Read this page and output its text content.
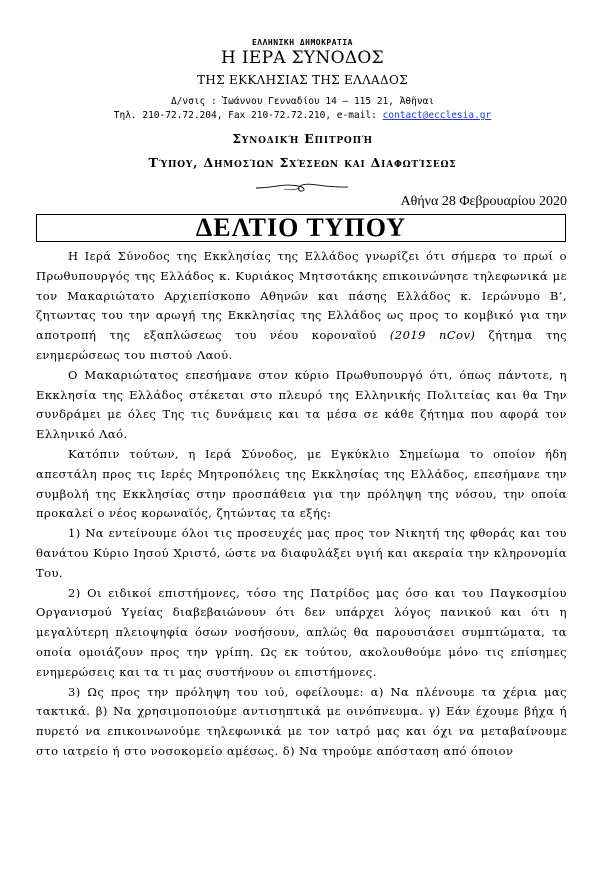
ΕΛΛΗΝΙΚΗ ΔΗΜΟΚΡΑΤΙΑ
Η ΙΕΡΑ ΣΥΝΟΔΟΣ
ΤΗΣ ΕΚΚΛΗΣΙΑΣ ΤΗΣ ΕΛΛΑΔΟΣ
Δ/νσις : Ἰωάννου Γενναδίου 14 – 115 21, Ἀθῆναι
Τηλ. 210-72.72.204, Fax 210-72.72.210, e-mail: contact@ecclesia.gr
Συνοδική Επιτροπή
Τύπου, Δημοσίων Σχέσεων και Διαφωτίσεως
Αθήνα 28 Φεβρουαρίου 2020
ΔΕΛΤΙΟ ΤΥΠΟΥ

Η Ιερά Σύνοδος της Εκκλησίας της Ελλάδος γνωρίζει ότι σήμερα το πρωί ο Πρωθυπουργός της Ελλάδος κ. Κυριάκος Μητσοτάκης επικοινώνησε τηλεφωνικά με τον Μακαριώτατο Αρχιεπίσκοπο Αθηνών και πάσης Ελλάδος κ. Ιερώνυμο Β’, ζητωντας του την αρωγή της Εκκλησίας της Ελλάδος ως προς το κομβικό για την αποτροπή της εξαπλώσεως του νέου κοροναϊού (2019 nCov) ζήτημα της ενημερώσεως του πιστού Λαού.

Ο Μακαριώτατος επεσήμανε στον κύριο Πρωθυπουργό ότι, όπως πάντοτε, η Εκκλησία της Ελλάδος στέκεται στο πλευρό της Ελληνικής Πολιτείας και θα Την συνδράμει με όλες Της τις δυνάμεις και τα μέσα σε κάθε ζήτημα που αφορά τον Ελληνικό Λαό.

Κατόπιν τούτων, η Ιερά Σύνοδος, με Εγκύκλιο Σημείωμα το οποίον ήδη απεστάλη προς τις Ιερές Μητροπόλεις της Εκκλησίας της Ελλάδος, επεσήμανε την συμβολή της Εκκλησίας στην προσπάθεια για την πρόληψη της νόσου, την οποία προκαλεί ο νέος κορωναϊός, ζητώντας τα εξής:

1) Να εντείνουμε όλοι τις προσευχές μας προς τον Νικητή της φθοράς και του θανάτου Κύριο Ιησού Χριστό, ώστε να διαφυλάξει υγιή και ακεραία την κληρονομία Του.

2) Οι ειδικοί επιστήμονες, τόσο της Πατρίδος μας όσο και του Παγκοσμίου Οργανισμού Υγείας διαβεβαιώνουν ότι δεν υπάρχει λόγος πανικού και ότι η μεγαλύτερη πλειοψηφία όσων νοσήσουν, απλώς θα παρουσιάσει συμπτώματα, τα οποία ομοιάζουν προς την γρίπη. Ως εκ τούτου, ακολουθούμε μόνο τις επίσημες ενημερώσεις και τα τι μας συστήνουν οι επιστήμονες.

3) Ως προς την πρόληψη του ιού, οφείλουμε: α) Να πλένουμε τα χέρια μας τακτικά. β) Να χρησιμοποιούμε αντισηπτικά με οινόπνευμα. γ) Εάν έχουμε βήχα ή πυρετό να επικοινωνούμε τηλεφωνικά με τον ιατρό μας και όχι να μεταβαίνουμε στο ιατρείο ή στο νοσοκομείο αμέσως. δ) Να τηρούμε απόσταση από όποιον
